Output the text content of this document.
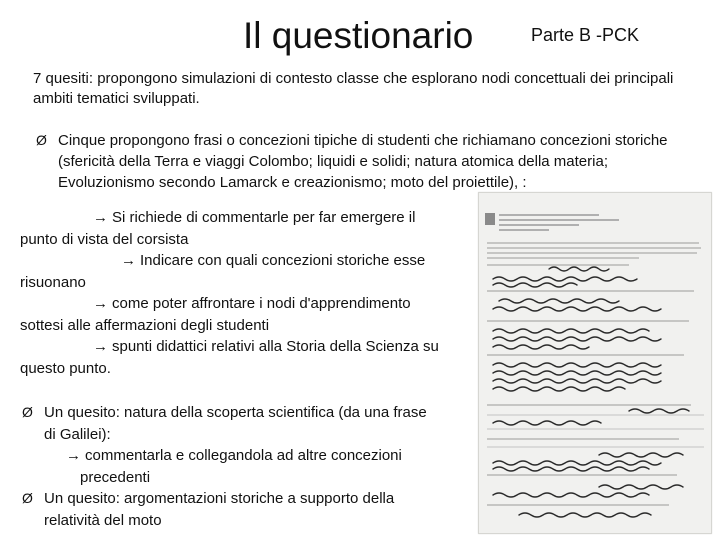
Il questionario	Parte B -PCK
7 quesiti: propongono simulazioni di contesto classe che esplorano nodi concettuali dei principali ambiti tematici sviluppati.
Ø Cinque propongono frasi o concezioni tipiche di studenti che richiamano concezioni storiche (sfericità della Terra e viaggi Colombo; liquidi e solidi; natura atomica della materia; Evoluzionismo secondo Lamarck e creazionismo; moto del proiettile), :
→ Si richiede di commentarle per far emergere il
punto di vista del corsista
→ Indicare con quali concezioni storiche esse
risuonano
→ come poter affrontare i nodi d'apprendimento
sottesi alle affermazioni degli studenti
→ spunti didattici relativi alla Storia della Scienza su
questo punto.
Ø Un quesito: natura della scoperta scientifica (da una frase
di Galilei):
→ commentarla e collegandola ad altre concezioni
precedenti
Ø Un quesito: argomentazioni storiche a supporto della
relatività del moto
